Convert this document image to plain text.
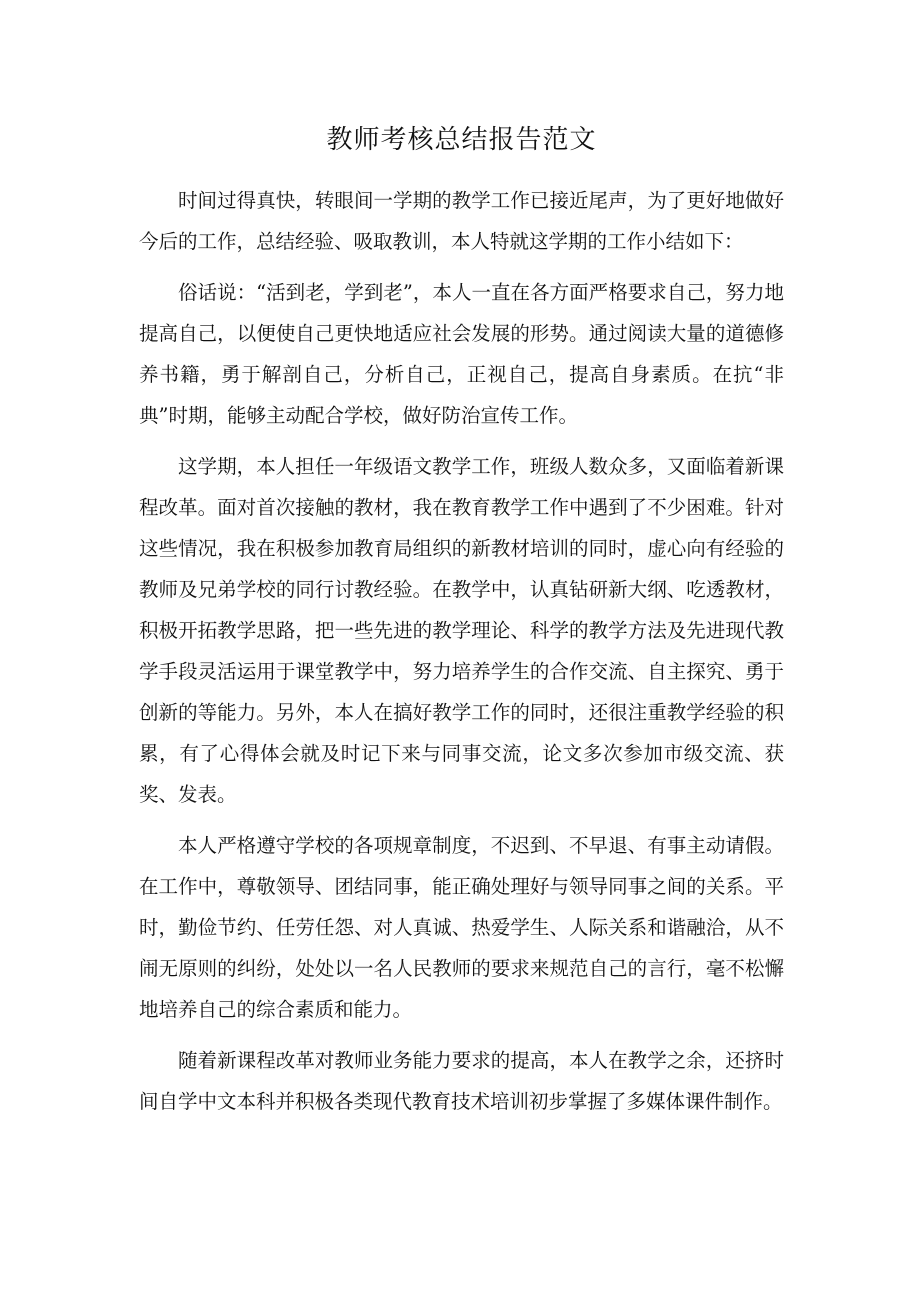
教师考核总结报告范文

时间过得真快，转眼间一学期的教学工作已接近尾声，为了更好地做好今后的工作，总结经验、吸取教训，本人特就这学期的工作小结如下：

俗话说：“活到老，学到老”，本人一直在各方面严格要求自己，努力地提高自己，以便使自己更快地适应社会发展的形势。通过阅读大量的道德修养书籍，勇于解剖自己，分析自己，正视自己，提高自身素质。在抗“非典”时期，能够主动配合学校，做好防治宣传工作。

这学期，本人担任一年级语文教学工作，班级人数众多，又面临着新课程改革。面对首次接触的教材，我在教育教学工作中遇到了不少困难。针对这些情况，我在积极参加教育局组织的新教材培训的同时，虚心向有经验的教师及兄弟学校的同行讨教经验。在教学中，认真钻研新大纲、吃透教材，积极开拓教学思路，把一些先进的教学理论、科学的教学方法及先进现代教学手段灵活运用于课堂教学中，努力培养学生的合作交流、自主探究、勇于创新的等能力。另外，本人在搞好教学工作的同时，还很注重教学经验的积累，有了心得体会就及时记下来与同事交流，论文多次参加市级交流、获奖、发表。

本人严格遵守学校的各项规章制度，不迟到、不早退、有事主动请假。在工作中，尊敬领导、团结同事，能正确处理好与领导同事之间的关系。平时，勤俭节约、任劳任怨、对人真诚、热爱学生、人际关系和谐融洽，从不闹无原则的纠纷，处处以一名人民教师的要求来规范自己的言行，毫不松懈地培养自己的综合素质和能力。

随着新课程改革对教师业务能力要求的提高，本人在教学之余，还挤时间自学中文本科并积极各类现代教育技术培训初步掌握了多媒体课件制作。
